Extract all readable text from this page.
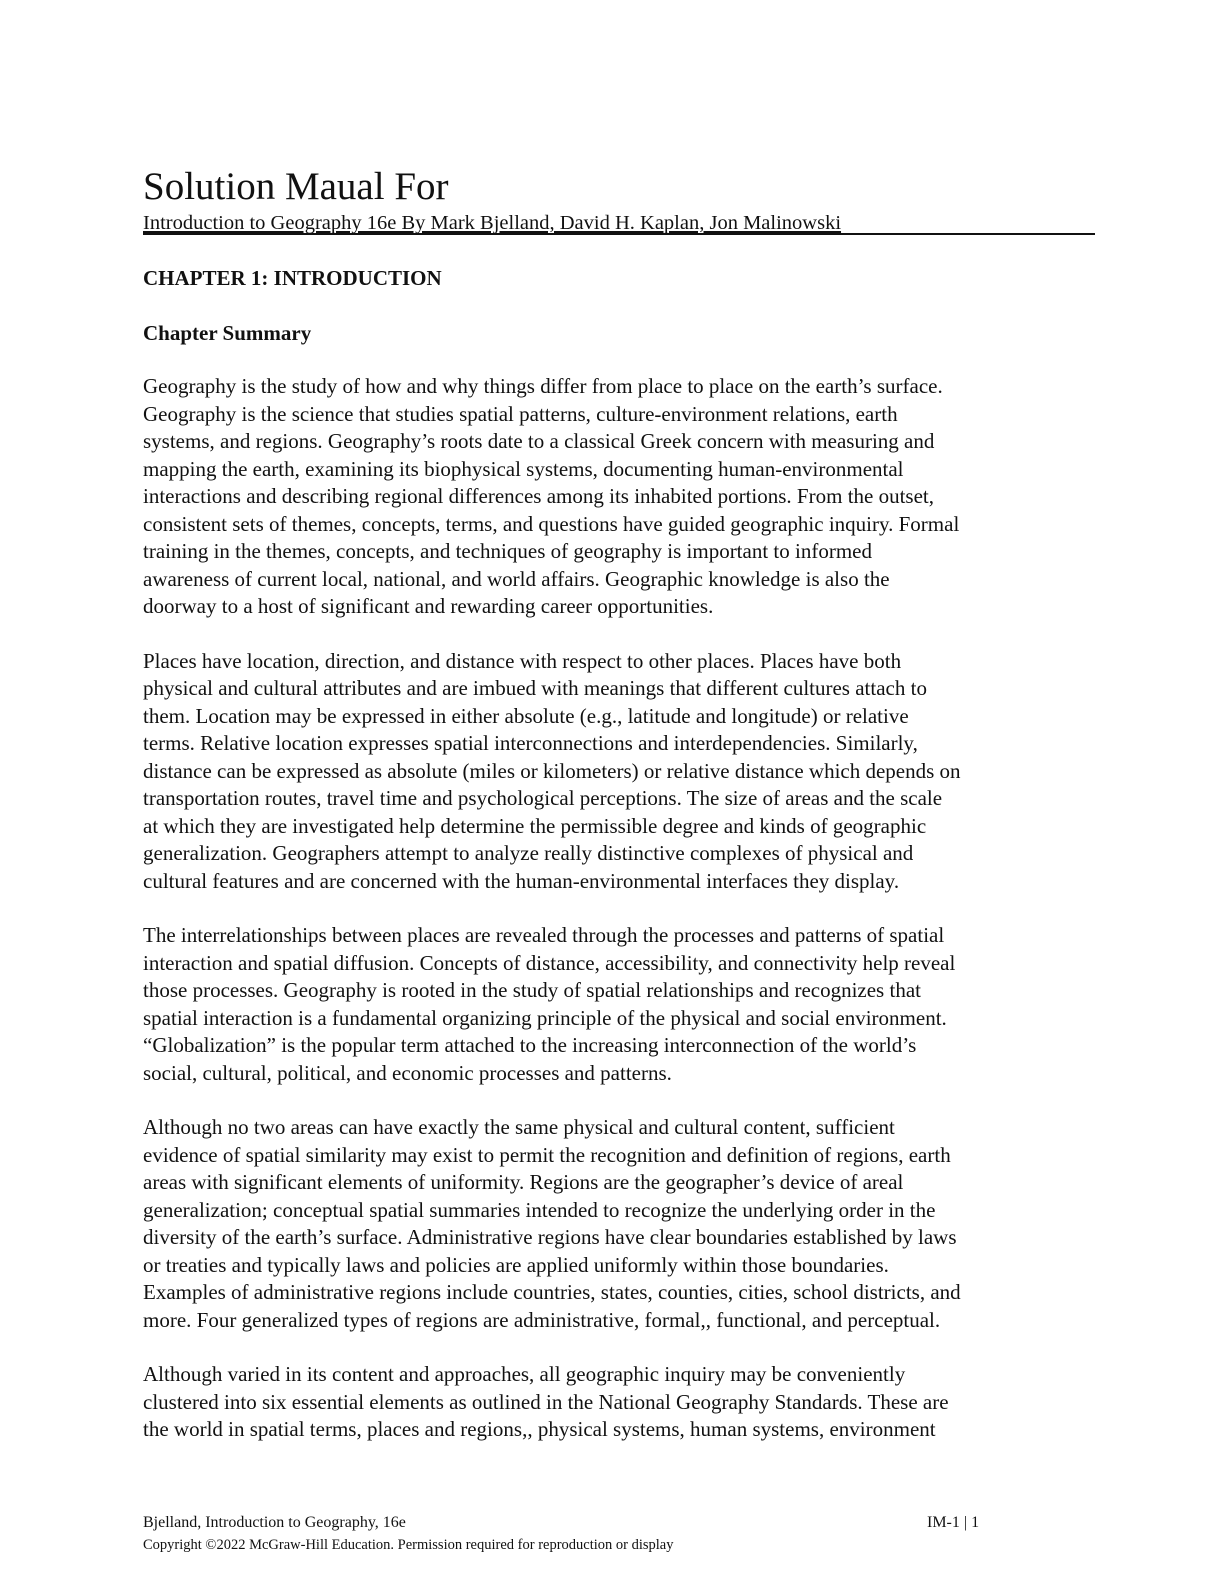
Solution Maual For
Introduction to Geography 16e By Mark Bjelland, David H. Kaplan, Jon Malinowski
CHAPTER 1: INTRODUCTION
Chapter Summary
Geography is the study of how and why things differ from place to place on the earth’s surface.
Geography is the science that studies spatial patterns, culture-environment relations, earth
systems, and regions. Geography’s roots date to a classical Greek concern with measuring and
mapping the earth, examining its biophysical systems, documenting human-environmental
interactions and describing regional differences among its inhabited portions. From the outset,
consistent sets of themes, concepts, terms, and questions have guided geographic inquiry. Formal
training in the themes, concepts, and techniques of geography is important to informed
awareness of current local, national, and world affairs. Geographic knowledge is also the
doorway to a host of significant and rewarding career opportunities.
Places have location, direction, and distance with respect to other places. Places have both
physical and cultural attributes and are imbued with meanings that different cultures attach to
them. Location may be expressed in either absolute (e.g., latitude and longitude) or relative
terms. Relative location expresses spatial interconnections and interdependencies. Similarly,
distance can be expressed as absolute (miles or kilometers) or relative distance which depends on
transportation routes, travel time and psychological perceptions. The size of areas and the scale
at which they are investigated help determine the permissible degree and kinds of geographic
generalization. Geographers attempt to analyze really distinctive complexes of physical and
cultural features and are concerned with the human-environmental interfaces they display.
The interrelationships between places are revealed through the processes and patterns of spatial
interaction and spatial diffusion. Concepts of distance, accessibility, and connectivity help reveal
those processes. Geography is rooted in the study of spatial relationships and recognizes that
spatial interaction is a fundamental organizing principle of the physical and social environment.
“Globalization” is the popular term attached to the increasing interconnection of the world’s
social, cultural, political, and economic processes and patterns.
Although no two areas can have exactly the same physical and cultural content, sufficient
evidence of spatial similarity may exist to permit the recognition and definition of regions, earth
areas with significant elements of uniformity. Regions are the geographer’s device of areal
generalization; conceptual spatial summaries intended to recognize the underlying order in the
diversity of the earth’s surface. Administrative regions have clear boundaries established by laws
or treaties and typically laws and policies are applied uniformly within those boundaries.
Examples of administrative regions include countries, states, counties, cities, school districts, and
more. Four generalized types of regions are administrative, formal,, functional, and perceptual.
Although varied in its content and approaches, all geographic inquiry may be conveniently
clustered into six essential elements as outlined in the National Geography Standards. These are
the world in spatial terms, places and regions,, physical systems, human systems, environment
Bjelland, Introduction to Geography, 16e	IM-1 | 1
Copyright ©2022 McGraw-Hill Education. Permission required for reproduction or display
